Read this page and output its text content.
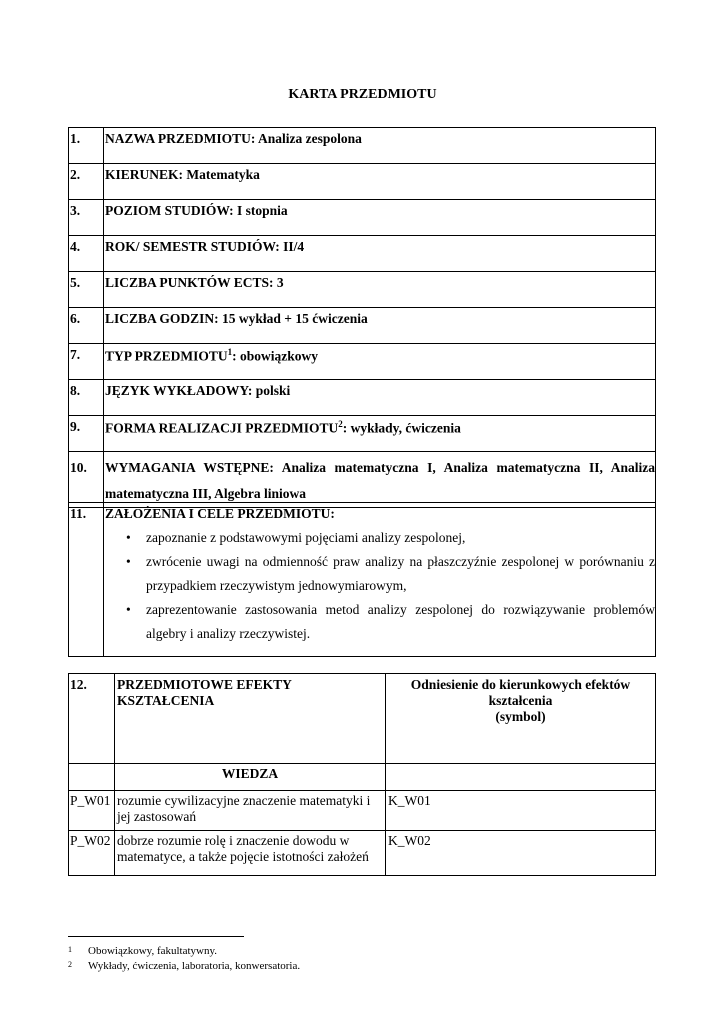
KARTA PRZEDMIOTU
1.	NAZWA PRZEDMIOTU: Analiza zespolona
2.	KIERUNEK: Matematyka
3.	POZIOM STUDIÓW: I stopnia
4.	ROK/ SEMESTR STUDIÓW: II/4
5.	LICZBA PUNKTÓW ECTS: 3
6.	LICZBA GODZIN: 15 wykład + 15 ćwiczenia
7.	TYP PRZEDMIOTU$^1$: obowiązkowy
8.	JĘZYK WYKŁADOWY: polski
9.	FORMA REALIZACJI PRZEDMIOTU$^2$: wykłady, ćwiczenia
10.	WYMAGANIA WSTĘPNE: Analiza matematyczna I, Analiza matematyczna II, Analiza matematyczna III, Algebra liniowa
11.	ZAŁOŻENIA I CELE PRZEDMIOTU:
• zapoznanie z podstawowymi pojęciami analizy zespolonej,
• zwrócenie uwagi na odmienność praw analizy na płaszczyźnie zespolonej w porównaniu z przypadkiem rzeczywistym jednowymiarowym,
• zaprezentowanie zastosowania metod analizy zespolonej do rozwiązywanie problemów algebry i analizy rzeczywistej.
12.	PRZEDMIOTOWE EFEKTY KSZTAŁCENIA	Odniesienie do kierunkowych efektów kształcenia
(symbol)

	WIEDZA	
P_W01	rozumie cywilizacyjne znaczenie matematyki i jej zastosowań	K_W01
P_W02	dobrze rozumie rolę i znaczenie dowodu w matematyce, a także pojęcie istotności założeń	K_W02
1 Obowiązkowy, fakultatywny.
2 Wykłady, ćwiczenia, laboratoria, konwersatoria.
